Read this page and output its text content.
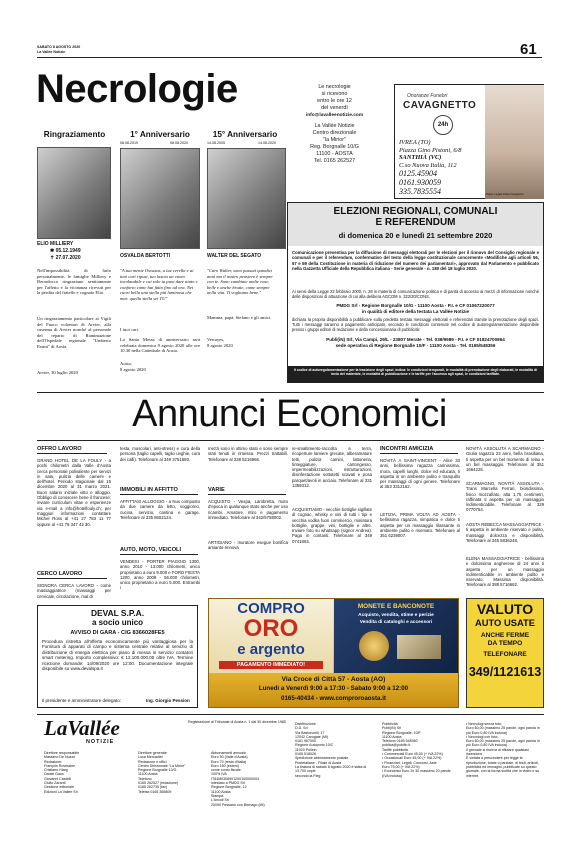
SABATO 8 AGOSTO 2020
La Vallée Notizie	61
Necrologie	Le necrologie
si ricevono
entro le ore 12
del venerdì
info@lavalleenotizie.com
La Vallée Notizie
Centro direzionale
"la Mirior"
Reg. Borgnalle 10/G
11100 - AOSTA
Tel. 0165 262527
Onoranze Funebri
CAVAGNETTO
24h
IVREA (TO)
Piazza Gino Pistoni, 6/8
SANTHIÀ (VC)
C.so Nuova Italia, 112
0125.45904
0161.930059
335.7835554	Rappr. Legale Paola Cavagnetto
Ringraziamento
ELIO MILLIERY
✱ 05.12.1949
✝ 27.07.2020
Nell'impossibilità di farlo personalmente, le famiglie Milliery e Berardocco ringraziano sentitamente per l'affetto e la vicinanza ricevuti per la perdita del fratello e cognato Elio.
Un ringraziamento particolare ai Vigili del Fuoco volontari di Arvier, alla caserma di Arvier nonché al personale del reparto di Rianimazione dell'Ospedale regionale "Umberto Parini" di Aosta.
Arvier, 30 luglio 2020
1° Anniversario
08.08.2019	08.08.2020
OSVALDA BERTOTTI
"A tua mente Osvaxas, a tue cerella e ai tuoi cari ripusi, tuo lascia un vuoto incolmabile e cui solo tu puoi dare aiuto e conforto come hai fatto fino ad ora. Nei cuori bella una stella più luminosa che mai: quella stella sei TU"
I tuoi cari.
La Santa Messa di anniversario sarà celebrata domenica 9 agosto 2020 alle ore 10.30 nella Cattedrale di Aosta.
Aosta,
8 agosto 2020
15° Anniversario
14.08.2005	14.08.2020
WALTER DEL SEGATO
"Caro Walter, sono passati quindici anni ma il nostro pensiero è sempre con te. Sono cambiate molte cose, belle e anche brutte, come sempre nella vita. Ti vogliamo bene."
Mamma, papà, Stefano e gli amici.
Verrayes,
8 agosto 2020
ELEZIONI REGIONALI, COMUNALI
E REFERENDUM
di domenica 20 e lunedì 21 settembre 2020
Comunicazione preventiva per la diffusione di messaggi elettorali per le elezioni per il rinnovo del Consiglio regionale e comunali e per il referendum, confermativo del testo della legge costituzionale concernente «Modifiche agli articoli 56, 57 e 59 della Costituzione in materia di riduzione del numero dei parlamentari», approvato dal Parlamento e pubblicato nella Gazzetta Ufficiale della Repubblica italiana - Serie generale - n. 180 del 18 luglio 2020.
Ai sensi della Legge 22 febbraio 2000, n. 28 in materia di comunicazione politica e di parità di accesso ai mezzi di informazione nonché delle disposizioni di attuazione di cui alla delibera AGCOM n. 322/20/CONS,
PMDG Srl - Regione Borgnalle 10/G - 11100 Aosta - P.I. e CF 01067220077
in qualità di editore della testata La Vallée Notizie
dichiara la propria disponibilità a pubblicare sulla predetta testata messaggi elettorali e referendari tramite la prenotazione degli spazi. Tutti i messaggi saranno a pagamento anticipato, secondo le condizioni contenute nel codice di autoregolamentazione disponibile presso i gruppi editori di redazione e della concessionaria di pubblicità:
Publi(iN) Srl, Via Campi, 29/L - 23807 Merate - Tel. 039/9989 - P.I. e CF 01824700864
sede operativa di Regione Borgnalle 10/F - 11100 Aosta - Tel. 0165/548356
Il codice di autoregolamentazione per la trasizione degli spazi, indica: le condizioni temporali, le modalità di prenotazione degli elaborati, le modalità di invio del materiale, le modalità di pubblicazione e le tariffe per l'accesso agli spazi, le condizioni tariffate.
Annunci Economici
OFFRO LAVORO
GRAND HOTEL DE LA FOULY - a pochi chilometri dalla Valle d'Aosta cerca personale polivalente per servizi in sala, pulizia delle camere e dell'hotel. Periodo stagionale dal 15 dicembre 2020 al 31 marzo 2021. Buon salario iniziale vitto e alloggio. Obbligo di conoscere bene il francese; inviare curriculum vitae e esperienze via e-mail a info@hotelfouly.ch; per maggiori informazioni contattare Michel Ross al +41 27 783 11 77 oppure al +41 79 347 42 30.
CERCO LAVORO
SIGNORA CERCA LAVORO - come massaggiatrice (massaggi per cervicale, circolazione, mal di
testa, muscolari, anti-stress) e cura della persona (taglio capelli, taglio unghie, cura dei calli). Telefonare al 349 3751680.
IMMOBILI IN AFFITTO
AFFITTASI ALLOGGIO - a Nus composto da due camere da letto, soggiorno, cucina, servizio, cantina e garage. Telefonare al 335 8652124.
AUTO, MOTO, VEICOLI
VENDESI - PORTER PIAGGIO 1300, anno 2010 - 13.000 chilometri, unico proprietario a euro 9.000 e FORD FIESTA 1200, anno 2009 - 56.000 chilometri, unico proprietario a euro 5.000. Entrambi i
mezzi sono in ottimo stato e sono sempre stati tenuti in rimessa. Prezzi trattabili. Telefonare al 338 5216966.
VARIE
ACQUISTO - Vespa, Lambretta, moto d'epoca in qualunque stato anche per uso ricambi. Amatore, ritiro e pagamento immediato. Telefonare al 342/5758002.
ARTIGIANO - muratore esegue bonifica amianto-rinnova
re-smaltimento-raccolta a terra, ricoperture lamiere grecate, alberamature tetti, pulizia camini, lattoneria, tinteggiature, cartongesso, impermeabilizzazioni, ristrutturazioni, disinfestazione sottotetti scavati e posa parquet/avoli in acciaio. Telefonare al 331 1359312.
ACQUISTIAMO - vecchie bottiglie sigillate di cognac, whisky e vini di tutti i tipi e vecchia vodka fuori commercio, miniatura bottiglie, grappe, vini, bottiglie e altre. Inviare foto su whatsapp (signor Andrea). Paga in contanti. Telefonare al 349 0741864.
INCONTRI AMICIZIA
NOVITÀ A SAINT-VINCENT - Alice 33 anni, bellissima ragazza carinissima, mora, capelli lunghi, dolce ed educata, ti aspetta in un ambiente pulito e tranquillo per massaggi di ogni genere. Telefonare al 353 3312162.
LETIZIA, PRIMA VOLTA AD AOSTA - bellissima ragazza, simpatica e dolce ti aspetta per un massaggio rilassante in ambiente pulito e riservato. Telefonare al 351 6239007.
NOVITÀ ASSOLUTA A SCARMAGNO - Giulia ragazza 23 anni, bella brasiliana, ti aspetta per un bel momento di relax e un bel massaggio. Telefonare al 351 1664226.
SCARMAGNO, NOVITÀ ASSOLUTA - Trans Marcella Ferrari, biondissima, fisico mozzafiato, alta 1,75 centimetri, raffinata ti aspetta per un massaggio indimenticabile. Telefonare al 329 0770754.
AOSTA REBECCA MASSAGGIATRICE - ti aspetta in ambiente riservato e pulito, massaggi dolcezza e disponibilità. Telefonare al 345 5836248.
ELENA MASSAGGIATRICE - bellissima e dolcissima angherese di 24 anni ti aspetta per un massaggio indimenticabile in ambiente pulito e riservato. Massima disponibilità. Telefonare al 388 5716662.
DEVAL S.P.A.
a socio unico
AVVISO DI GARA - CIG 8366028FE5
Procedura ristretta all'offerta economicamente più vantaggiosa per la Fornitura di apparati di campo e sistema centrale relativi al servizio di distribuzione di energia elettrica per piano di messa in servizio contatori smart metering. Importo complessivo: € 12.100.000,00 oltre IVA. Termine ricezione domande: 14/09/2020 ore 12:00. Documentazione integrale disponibile su www.devalspa.it
Il presidente e amministratore delegato:	Ing. Giorgio Pession
COMPRO
ORO
e argento
PAGAMENTO IMMEDIATO!
MONETE E BANCONOTE
Acquisto, vendita, stime e perizie
Vendita di cataloghi e accessori
Via Croce di Città 57 - Aosta (AO)
Lunedì a Venerdì 9:00 a 17:30 - Sabato 9:00 a 12:00
0165-40434 - www.comproroaosta.it
VALUTO
AUTO USATE
ANCHE FERME
DA TEMPO
TELEFONARE
349/1121613
LaVallée
NOTIZIE
Registrazione al Tribunale di Aosta n. 1 dal 30 dicembre 1985
Direttore responsabile
Massimo De Nuzzo
Redazione:
François Roveraine
Cristiano Hiarg
Daniel Gaus
Giovanni Castelli
Giulio Zaranti
Gestione editoriale
Edizioni La Vallée Srl
Direttore generale
Luca Mercadier
Redazione e uffici
Centro Direzionale "La Mirior"
Regione Borgnalle 10/G
11100 Aosta
Telefono
0165 262527 (redazione)
0165 262735 (fax)
Telefax 0165 365809
Abbonamenti annuale
Euro 50 (Valle d'Aosta)
Euro 70 (resto d'Italia)
Euro 150 (estero)
come conto fiscale
100% IVA
IT84M0306901200100000004
intestato a PMDG Srl
Regione Borgnalle, 12
11100 Aosta
Stampa
L'Ancoll Srl
20090 Pessano con Bornago (MI)
Distribuzione
D.D. Srl
Via Bastoncelli, 17
12042 Carugate (MI)
0161 967000
Regione Autoporto 10/C
11020 Pollein
0165 518026
Spedizione abbonamento postale
Postetaliane - Filiale di Aosta
La tiratura di sabato 8 agosto 2020 è stata di 13.700 copie
secondo la Fieg
Pubblicità
Publi(iN) Srl
Regione Borgnalle, 10/F
11100 Aosta
Telefono 0165 548360
publica@publiin.it
Tariffe pubblicità
• Commerciali Euro 45,00 (+ IVA 22%)
• Occasionali Euro 45,00 (+ IVA 22%)
• Finanziari, Legali, Concorsi, Aste
Euro 75,00 (+ IVA 22%)
• Economici Euro 3x 30 massimo 20 parole (IVA inclusa)
• Necrologi senza foto:
Euro 60,00 (massimo 25 parole, ogni parola in più Euro 0,80 IVA inclusa)
• Necrologi con foto:
Euro 80,00 (massimo 25 parole, ogni parola in più Euro 0,80 IVA inclusa)
Il giornale si riserva di rifiutare qualsiasi inserzione
È vietata a prescindere per legge la riproduzione, totale o parziale, di testi, articoli, pubblicità ed immagini, pubblicate su questo giornale, con la forma scritta che in video e su internet.
